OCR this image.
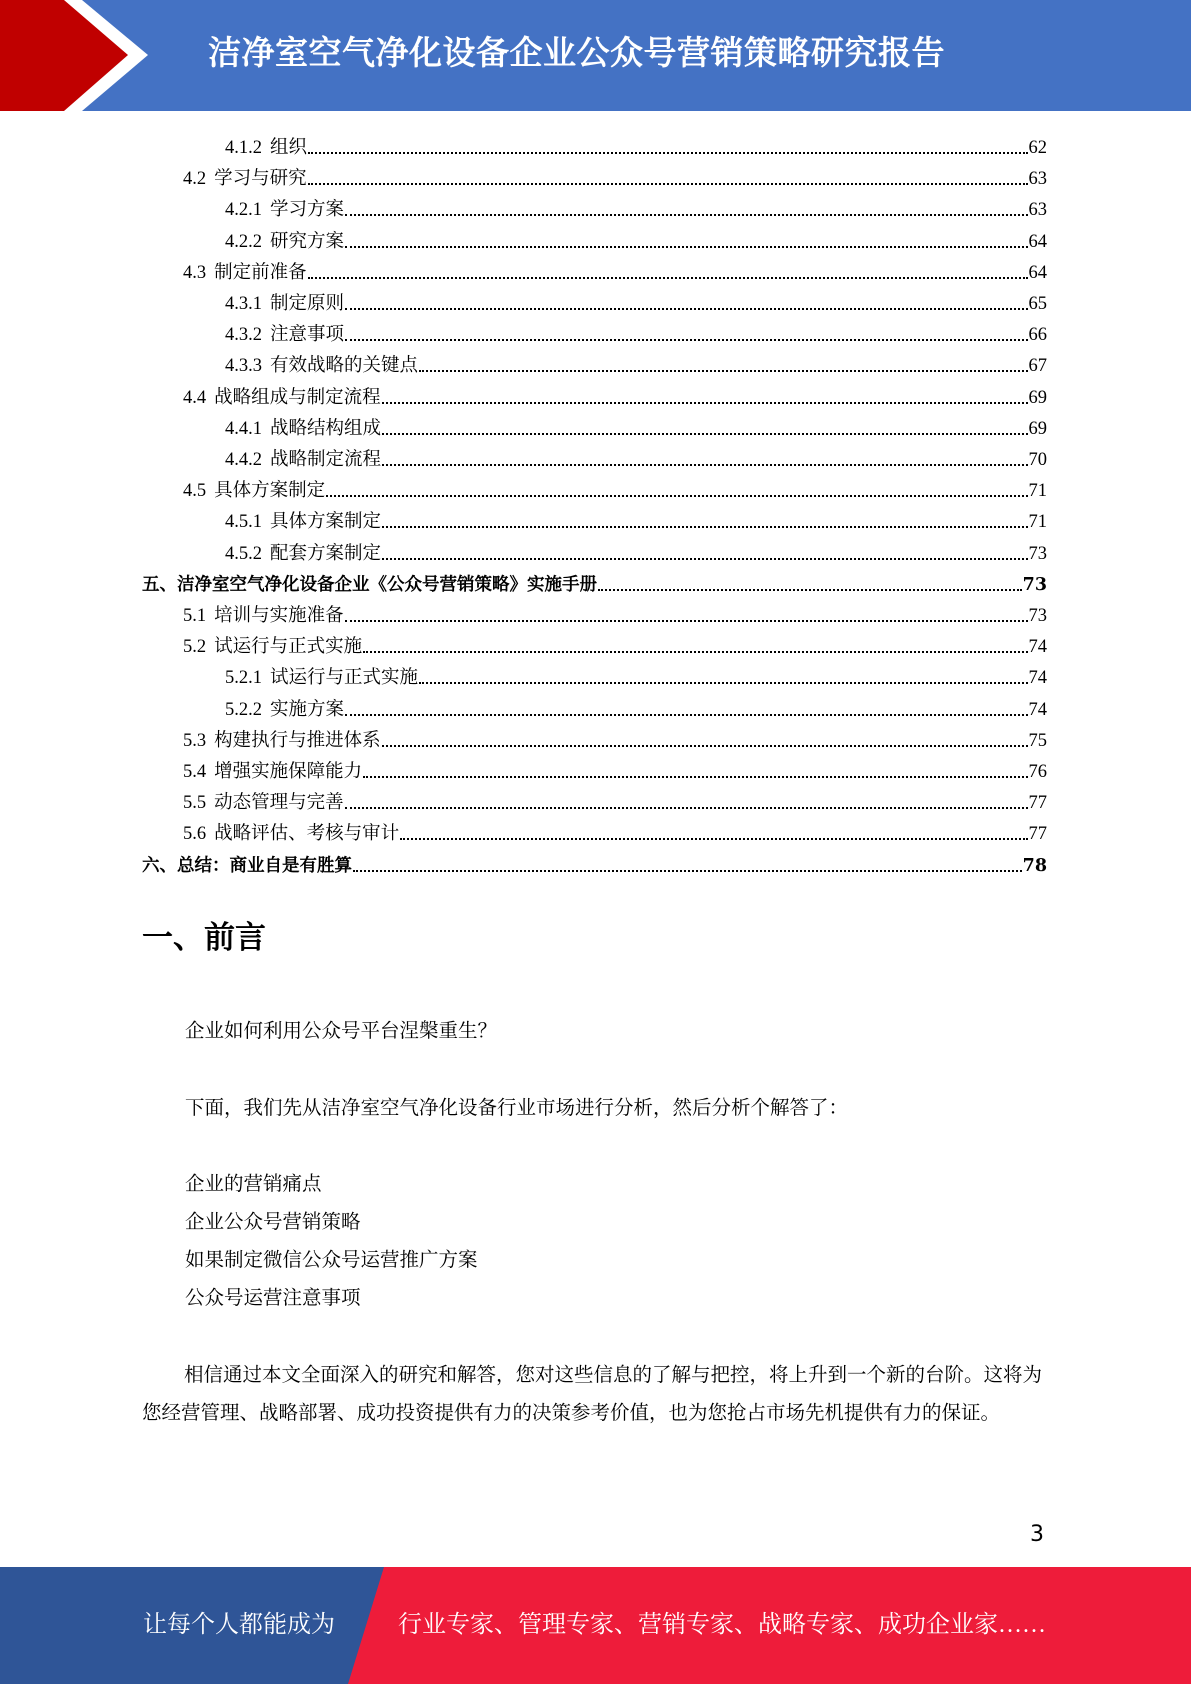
洁净室空气净化设备企业公众号营销策略研究报告
4.1.2 组织	62
4.2 学习与研究	63
4.2.1 学习方案	63
4.2.2 研究方案	64
4.3 制定前准备	64
4.3.1 制定原则	65
4.3.2 注意事项	66
4.3.3 有效战略的关键点	67
4.4 战略组成与制定流程	69
4.4.1 战略结构组成	69
4.4.2 战略制定流程	70
4.5 具体方案制定	71
4.5.1 具体方案制定	71
4.5.2 配套方案制定	73
五、 洁净室空气净化设备企业《公众号营销策略》实施手册	73
5.1 培训与实施准备	73
5.2 试运行与正式实施	74
5.2.1 试运行与正式实施	74
5.2.2 实施方案	74
5.3 构建执行与推进体系	75
5.4 增强实施保障能力	76
5.5 动态管理与完善	77
5.6 战略评估、考核与审计	77
六、 总结：商业自是有胜算	78
一、前言
企业如何利用公众号平台涅槃重生？
下面，我们先从洁净室空气净化设备行业市场进行分析，然后分析个解答了：
企业的营销痛点
企业公众号营销策略
如果制定微信公众号运营推广方案
公众号运营注意事项
相信通过本文全面深入的研究和解答，您对这些信息的了解与把控，将上升到一个新的台阶。这将为您经营管理、战略部署、成功投资提供有力的决策参考价值，也为您抢占市场先机提供有力的保证。
3
让每个人都能成为	行业专家、管理专家、营销专家、战略专家、成功企业家……
